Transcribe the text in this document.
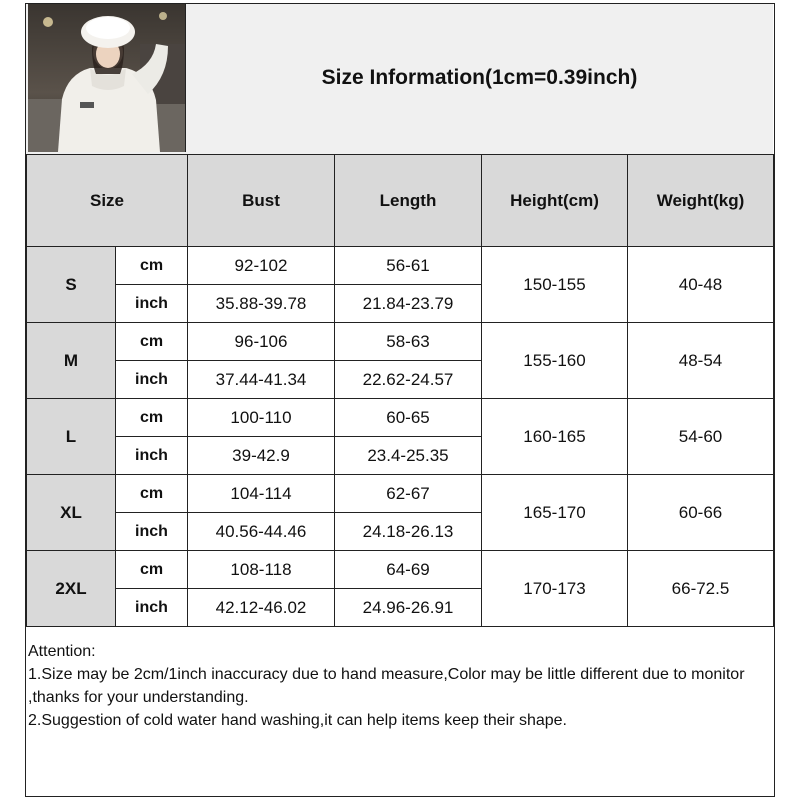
Size Information(1cm=0.39inch)
Size		Bust	Length	Height(cm)	Weight(kg)
S	cm	92-102	56-61	150-155	40-48
	inch	35.88-39.78	21.84-23.79		
M	cm	96-106	58-63	155-160	48-54
	inch	37.44-41.34	22.62-24.57		
L	cm	100-110	60-65	160-165	54-60
	inch	39-42.9	23.4-25.35		
XL	cm	104-114	62-67	165-170	60-66
	inch	40.56-44.46	24.18-26.13		
2XL	cm	108-118	64-69	170-173	66-72.5
	inch	42.12-46.02	24.96-26.91		
Attention:
1.Size may be 2cm/1inch inaccuracy due to hand measure,Color may be little different due to monitor ,thanks for your understanding.
2.Suggestion of cold water hand washing,it can help items keep their shape.
